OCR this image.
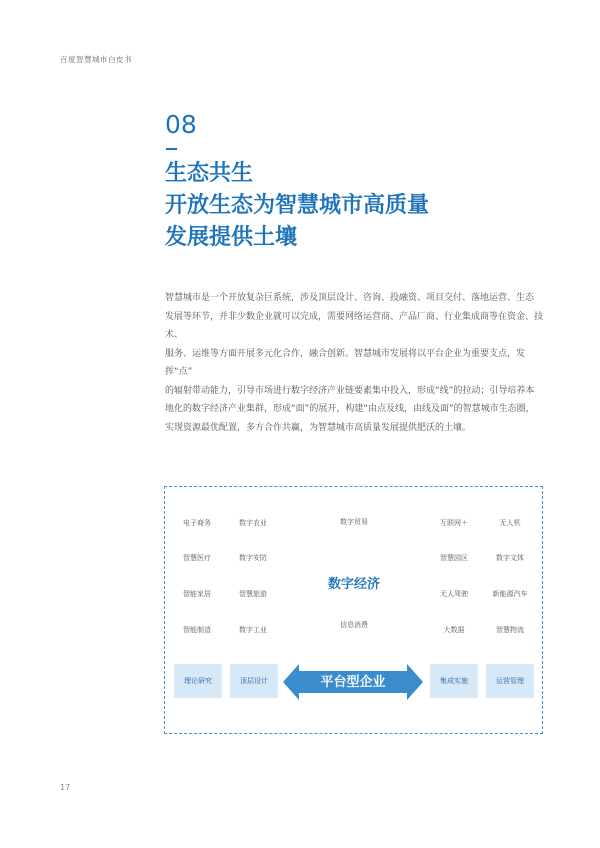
百度智慧城市白皮书
08
生态共生
开放生态为智慧城市高质量
发展提供土壤
智慧城市是一个开放复杂巨系统，涉及顶层设计、咨询、投融资、项目交付、落地运营、生态
发展等环节，并非少数企业就可以完成，需要网络运营商、产品厂商、行业集成商等在资金、技术、
服务、运维等方面开展多元化合作，融合创新。智慧城市发展将以平台企业为重要支点，发挥“点”
的辐射带动能力，引导市场进行数字经济产业链要素集中投入，形成“线”的拉动；引导培养本
地化的数字经济产业集群，形成“面”的展开，构建“由点及线，由线及面”的智慧城市生态圈，
实现资源最优配置，多方合作共赢，为智慧城市高质量发展提供肥沃的土壤。
电子商务	数字农业
智慧医疗	数字安防
智能家居	智慧旅游
智能制造	数字工业
数字贸易
数字经济
信息消费
互联网＋	无人机
智慧园区	数字文体
无人驾驶	新能源汽车
大数据	智慧物流
理论研究	顶层设计	平台型企业	集成实施	运营管理
17
